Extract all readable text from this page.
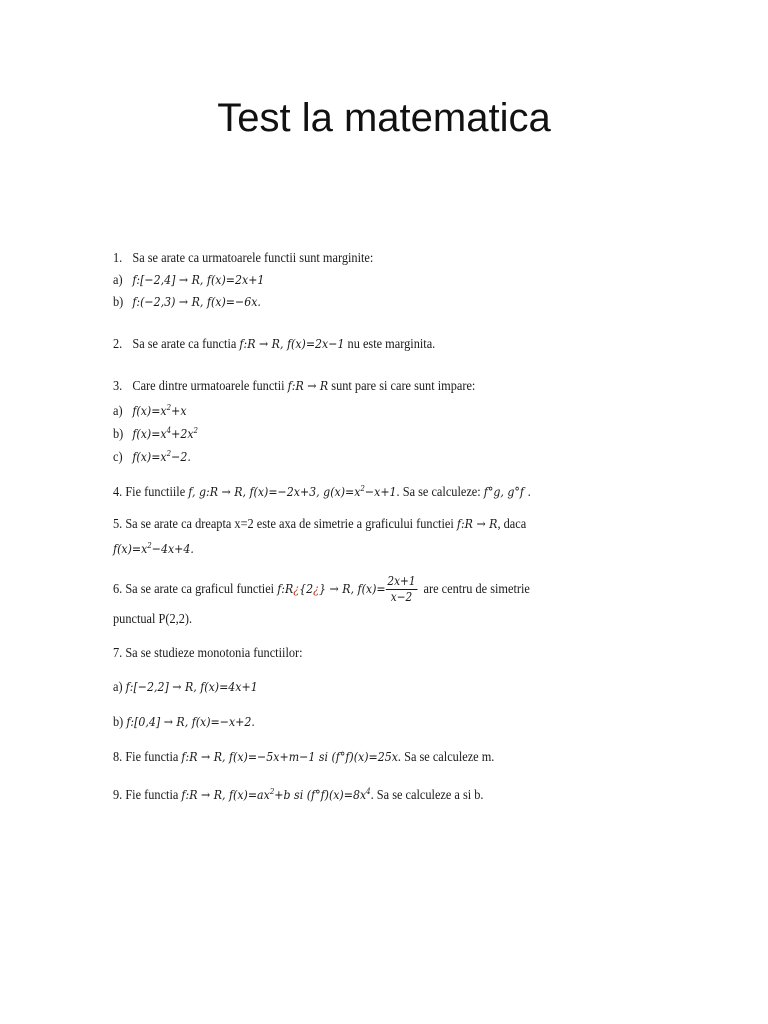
Test la matematica
1. Sa se arate ca urmatoarele functii sunt marginite:
a) f:[−2,4] → R, f(x)=2x+1
b) f:(−2,3) → R, f(x)=−6x.
2. Sa se arate ca functia f:R → R, f(x)=2x−1 nu este marginita.
3. Care dintre urmatoarele functii f:R → R sunt pare si care sunt impare:
a) $f(x)=x^2+x$
b) $f(x)=x^4+2x^2$
c) $f(x)=x^2-2$.
4. Fie functiile f, g:R → R, f(x)=−2x+3, $g(x)=x^2-x+1$. Sa se calculeze: f°g, g°f .
5. Sa se arate ca dreapta x=2 este axa de simetrie a graficului functiei f:R → R, daca
$f(x)=x^2-4x+4$.
6. Sa se arate ca graficul functiei f:R¿{2¿} → R, $f(x)= \frac{2x+1}{x-2}$ are centru de simetrie
punctual P(2,2).
7. Sa se studieze monotonia functiilor:
a) f:[−2,2] → R, f(x)=4x+1
b) f:[0,4] → R, f(x)=−x+2.
8. Fie functia f:R → R, f(x)=−5x+m−1 si (f°f)(x)=25x. Sa se calculeze m.
9. Fie functia f:R → R, $f(x)=ax^2+b$ si $(f^\circ f)(x)=8x^4$. Sa se calculeze a si b.
